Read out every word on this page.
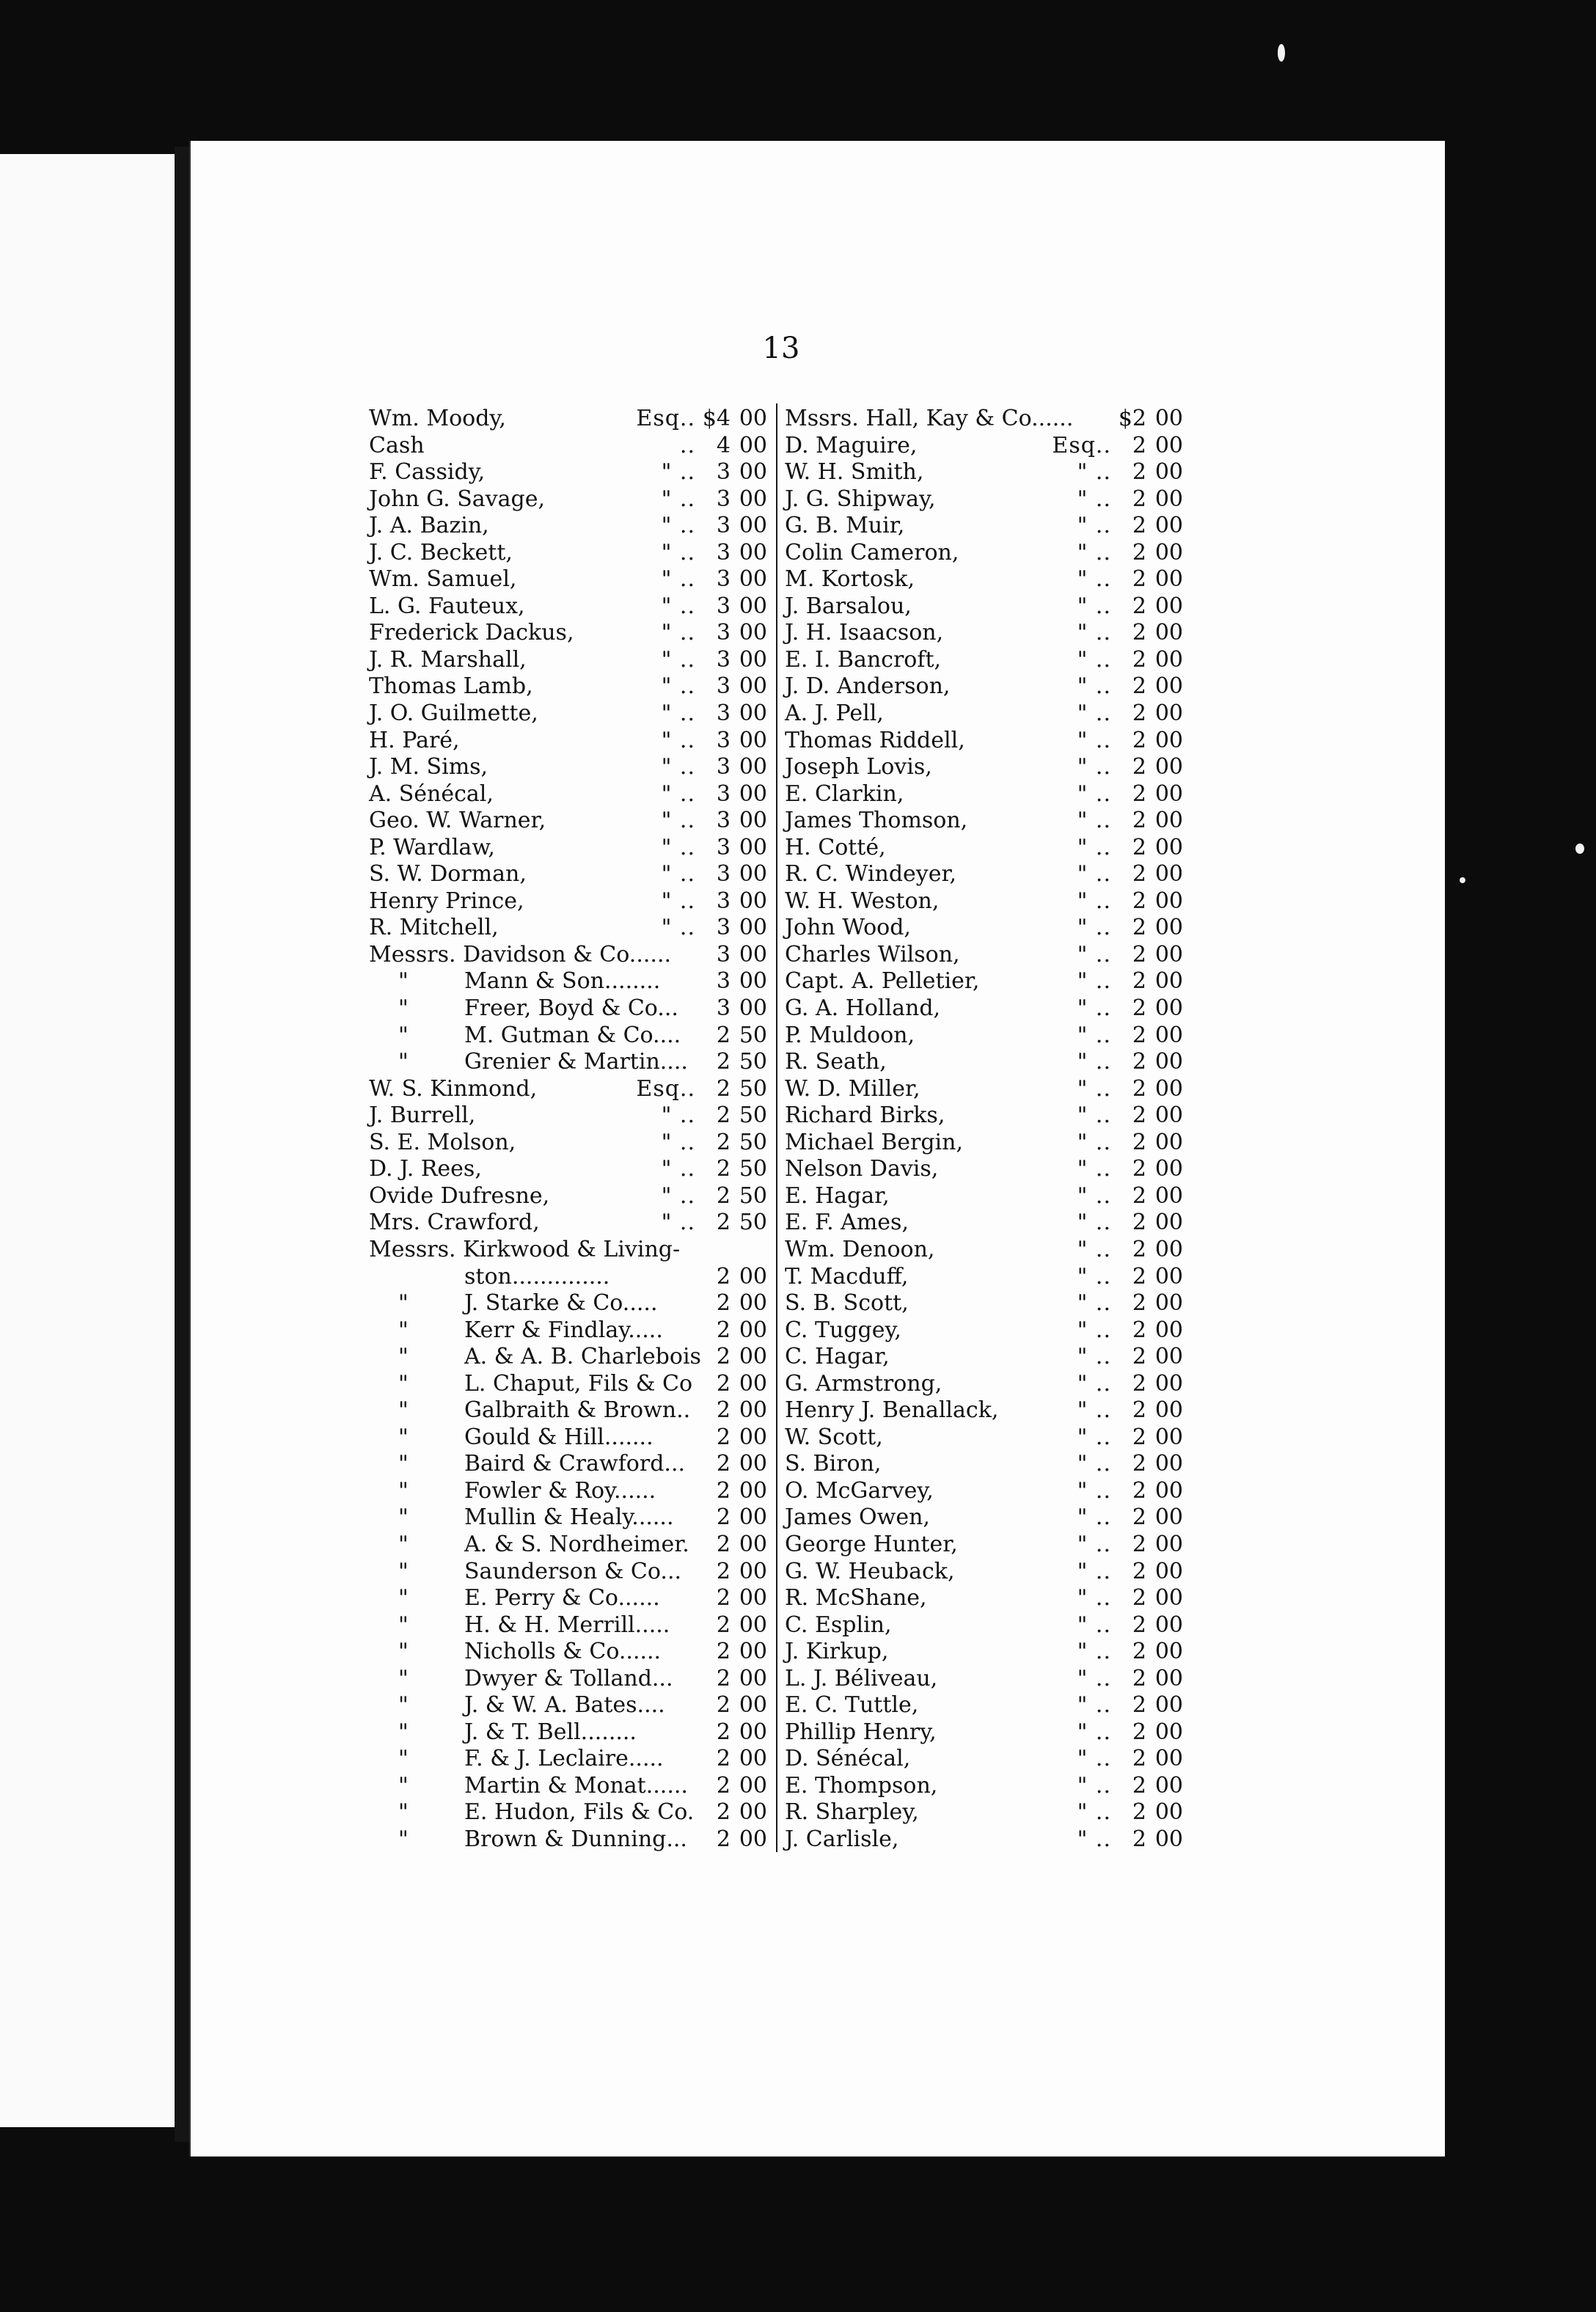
13
Wm. Moody,	Esq.. $4 00
Cash	.. 4 00
F. Cassidy,	" .. 3 00
John G. Savage,	" .. 3 00
J. A. Bazin,	" .. 3 00
J. C. Beckett,	" .. 3 00
Wm. Samuel,	" .. 3 00
L. G. Fauteux,	" .. 3 00
Frederick Dackus,	" .. 3 00
J. R. Marshall,	" .. 3 00
Thomas Lamb,	" .. 3 00
J. O. Guilmette,	" .. 3 00
H. Paré,	" .. 3 00
J. M. Sims,	" .. 3 00
A. Sénécal,	" .. 3 00
Geo. W. Warner,	" .. 3 00
P. Wardlaw,	" .. 3 00
S. W. Dorman,	" .. 3 00
Henry Prince,	" .. 3 00
R. Mitchell,	" .. 3 00
Messrs. Davidson & Co......	3 00
"	Mann & Son........	3 00
"	Freer, Boyd & Co...	3 00
"	M. Gutman & Co....	2 50
"	Grenier & Martin....	2 50
W. S. Kinmond,	Esq.. 2 50
J. Burrell,	" .. 2 50
S. E. Molson,	" .. 2 50
D. J. Rees,	" .. 2 50
Ovide Dufresne,	" .. 2 50
Mrs. Crawford,	" .. 2 50
Messrs. Kirkwood & Living-
ston..............	2 00
"	J. Starke & Co.....	2 00
"	Kerr & Findlay.....	2 00
"	A. & A. B. Charlebois 2 00
"	L. Chaput, Fils & Co	2 00
"	Galbraith & Brown..	2 00
"	Gould & Hill.......	2 00
"	Baird & Crawford...	2 00
"	Fowler & Roy......	2 00
"	Mullin & Healy......	2 00
"	A. & S. Nordheimer.	2 00
"	Saunderson & Co...	2 00
"	E. Perry & Co......	2 00
"	H. & H. Merrill.....	2 00
"	Nicholls & Co......	2 00
"	Dwyer & Tolland...	2 00
"	J. & W. A. Bates....	2 00
"	J. & T. Bell........	2 00
"	F. & J. Leclaire.....	2 00
"	Martin & Monat......	2 00
"	E. Hudon, Fils & Co.	2 00
"	Brown & Dunning...	2 00
Mssrs. Hall, Kay & Co...... $2 00
D. Maguire,	Esq.. 2 00
W. H. Smith,	" .. 2 00
J. G. Shipway,	" .. 2 00
G. B. Muir,	" .. 2 00
Colin Cameron,	" .. 2 00
M. Kortosk,	" .. 2 00
J. Barsalou,	" .. 2 00
J. H. Isaacson,	" .. 2 00
E. I. Bancroft,	" .. 2 00
J. D. Anderson,	" .. 2 00
A. J. Pell,	" .. 2 00
Thomas Riddell,	" .. 2 00
Joseph Lovis,	" .. 2 00
E. Clarkin,	" .. 2 00
James Thomson,	" .. 2 00
H. Cotté,	" .. 2 00
R. C. Windeyer,	" .. 2 00
W. H. Weston,	" .. 2 00
John Wood,	" .. 2 00
Charles Wilson,	" .. 2 00
Capt. A. Pelletier,	" .. 2 00
G. A. Holland,	" .. 2 00
P. Muldoon,	" .. 2 00
R. Seath,	" .. 2 00
W. D. Miller,	" .. 2 00
Richard Birks,	" .. 2 00
Michael Bergin,	" .. 2 00
Nelson Davis,	" .. 2 00
E. Hagar,	" .. 2 00
E. F. Ames,	" .. 2 00
Wm. Denoon,	" .. 2 00
T. Macduff,	" .. 2 00
S. B. Scott,	" .. 2 00
C. Tuggey,	" .. 2 00
C. Hagar,	" .. 2 00
G. Armstrong,	" .. 2 00
Henry J. Benallack,	" .. 2 00
W. Scott,	" .. 2 00
S. Biron,	" .. 2 00
O. McGarvey,	" .. 2 00
James Owen,	" .. 2 00
George Hunter,	" .. 2 00
G. W. Heuback,	" .. 2 00
R. McShane,	" .. 2 00
C. Esplin,	" .. 2 00
J. Kirkup,	" .. 2 00
L. J. Béliveau,	" .. 2 00
E. C. Tuttle,	" .. 2 00
Phillip Henry,	" .. 2 00
D. Sénécal,	" .. 2 00
E. Thompson,	" .. 2 00
R. Sharpley,	" .. 2 00
J. Carlisle,	" .. 2 00
